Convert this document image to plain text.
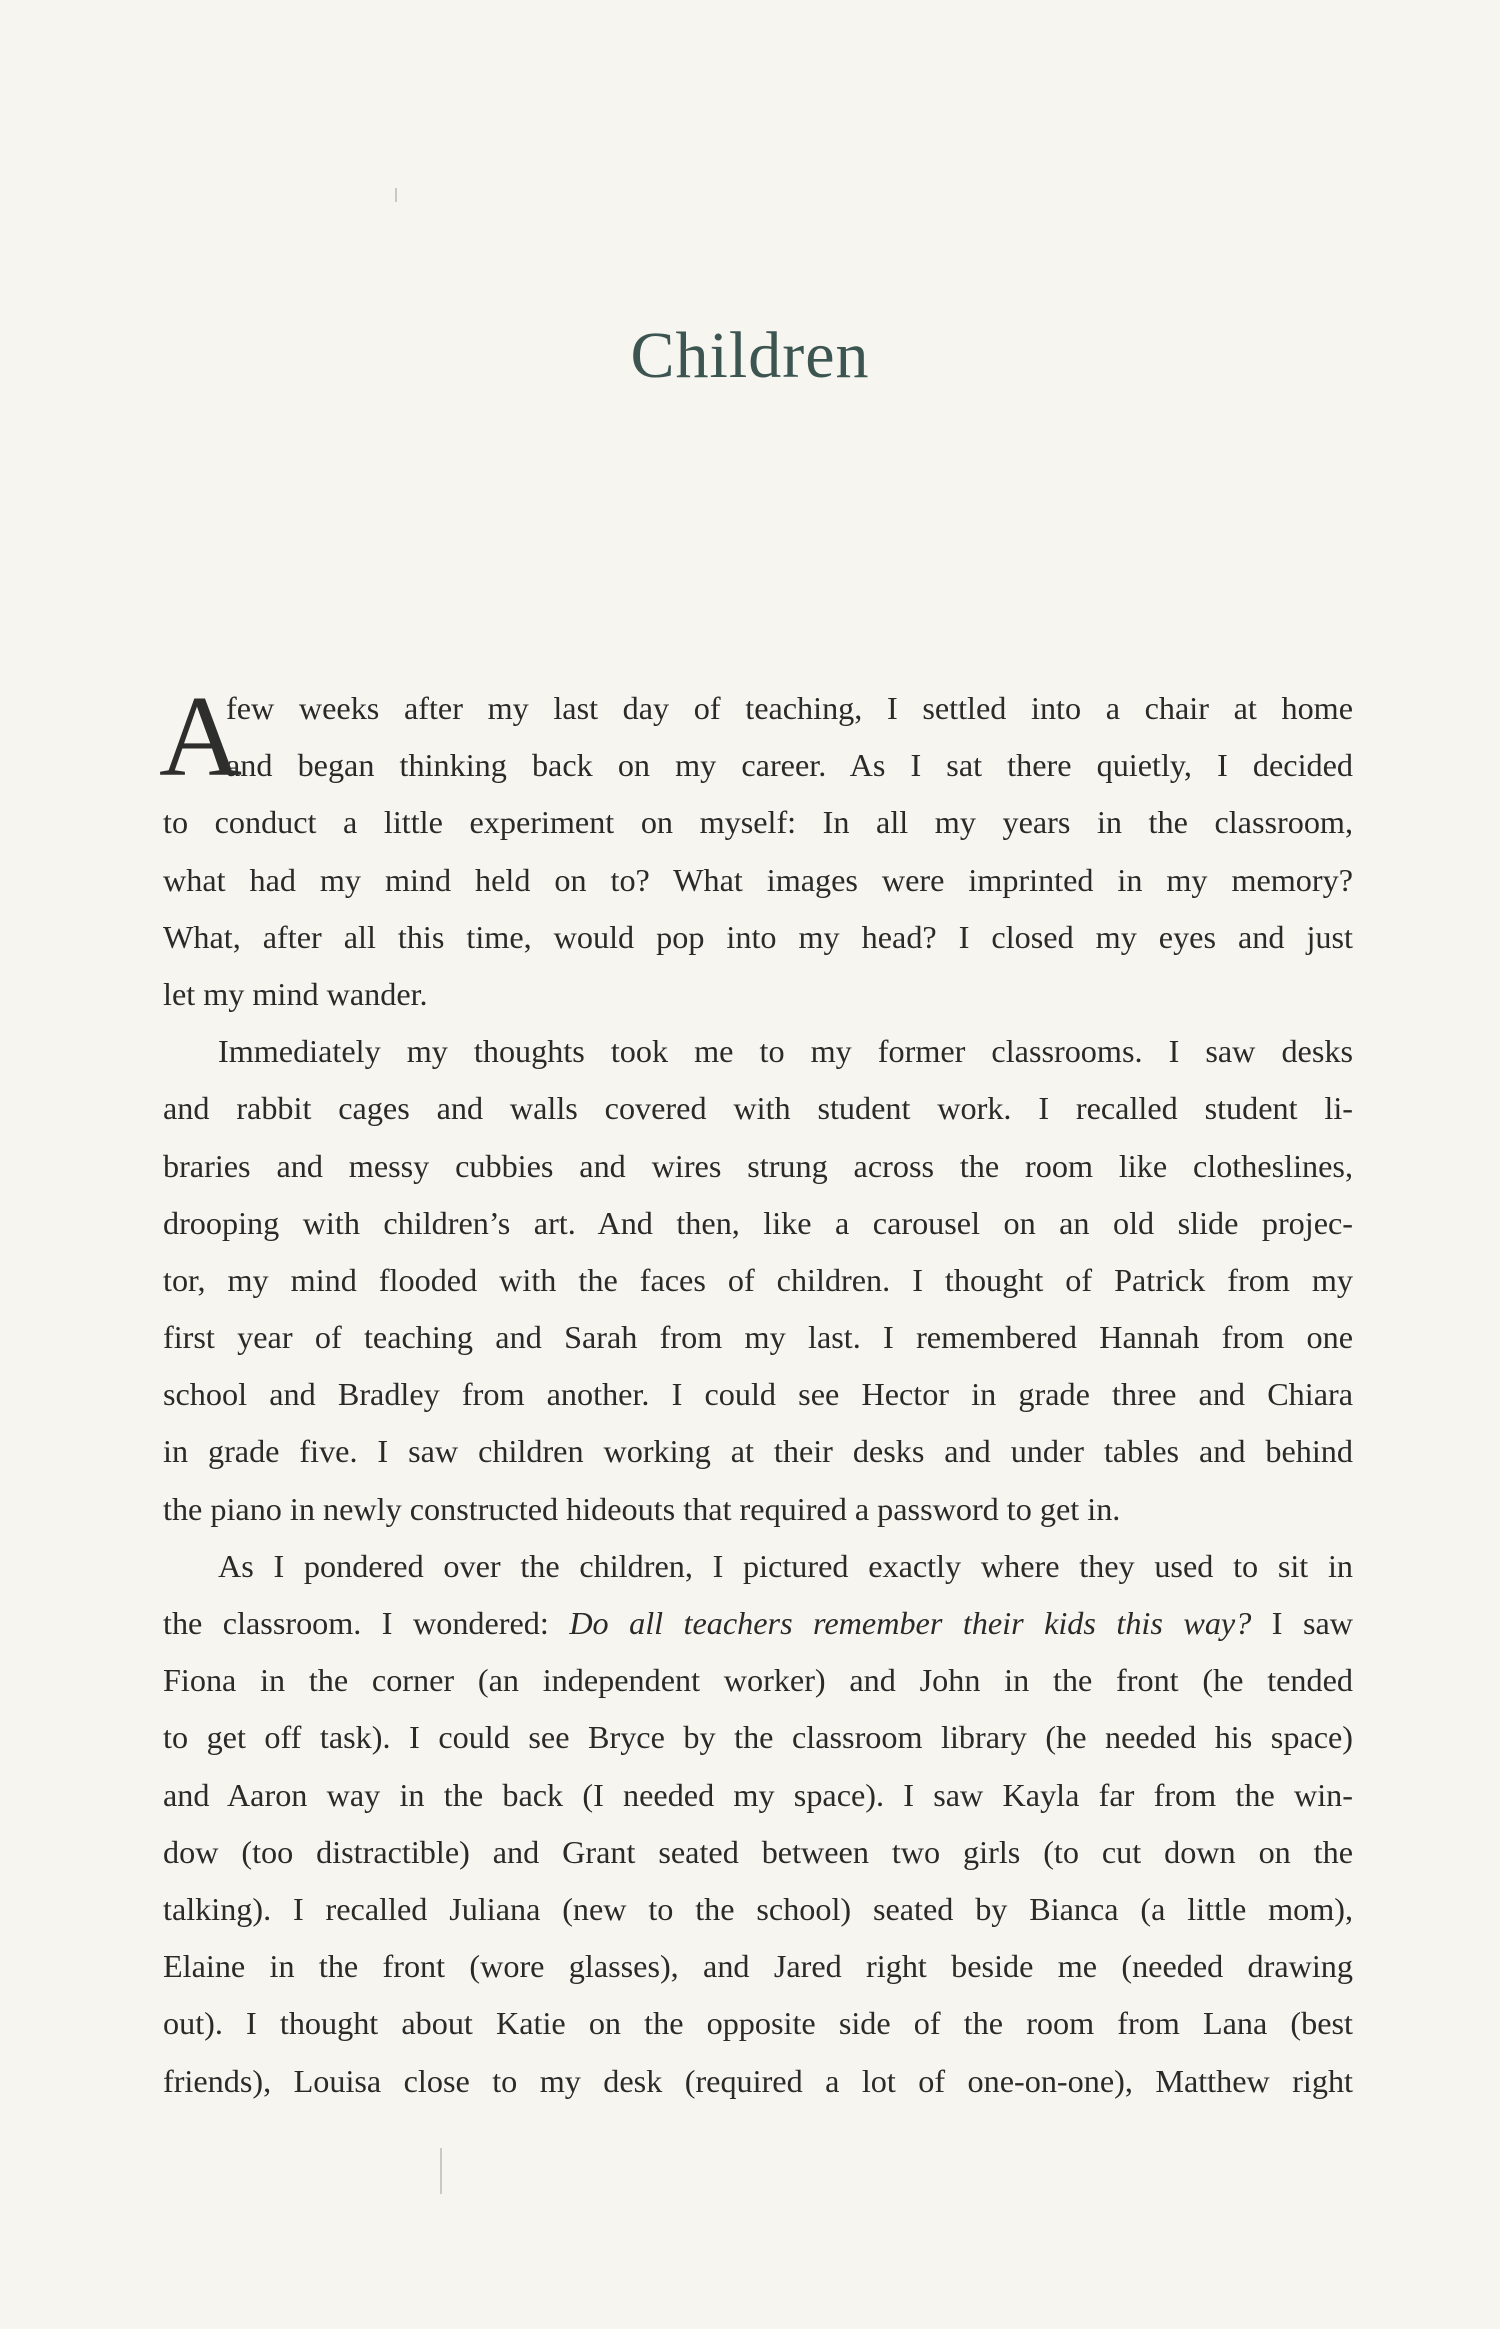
Children
A
few weeks after my last day of teaching, I settled into a chair at home
and began thinking back on my career. As I sat there quietly, I decided
to conduct a little experiment on myself: In all my years in the classroom,
what had my mind held on to? What images were imprinted in my memory?
What, after all this time, would pop into my head? I closed my eyes and just
let my mind wander.
Immediately my thoughts took me to my former classrooms. I saw desks
and rabbit cages and walls covered with student work. I recalled student li-
braries and messy cubbies and wires strung across the room like clotheslines,
drooping with children’s art. And then, like a carousel on an old slide projec-
tor, my mind flooded with the faces of children. I thought of Patrick from my
first year of teaching and Sarah from my last. I remembered Hannah from one
school and Bradley from another. I could see Hector in grade three and Chiara
in grade five. I saw children working at their desks and under tables and behind
the piano in newly constructed hideouts that required a password to get in.
As I pondered over the children, I pictured exactly where they used to sit in
the classroom. I wondered: Do all teachers remember their kids this way? I saw
Fiona in the corner (an independent worker) and John in the front (he tended
to get off task). I could see Bryce by the classroom library (he needed his space)
and Aaron way in the back (I needed my space). I saw Kayla far from the win-
dow (too distractible) and Grant seated between two girls (to cut down on the
talking). I recalled Juliana (new to the school) seated by Bianca (a little mom),
Elaine in the front (wore glasses), and Jared right beside me (needed drawing
out). I thought about Katie on the opposite side of the room from Lana (best
friends), Louisa close to my desk (required a lot of one-on-one), Matthew right
